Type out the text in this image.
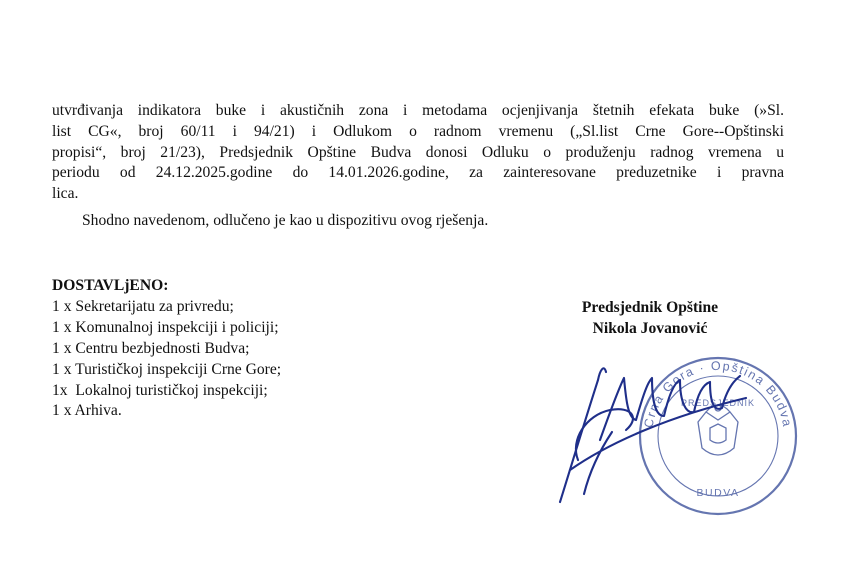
utvrđivanja indikatora buke i akustičnih zona i metodama ocjenjivanja štetnih efekata buke (»Sl.
list CG«, broj 60/11 i 94/21) i Odlukom o radnom vremenu („Sl.list Crne Gore--Opštinski
propisi“, broj 21/23), Predsjednik Opštine Budva donosi Odluku o produženju radnog vremena u
periodu od 24.12.2025.godine do 14.01.2026.godine, za zainteresovane preduzetnike i pravna
lica.

Shodno navedenom, odlučeno je kao u dispozitivu ovog rješenja.

DOSTAVLjENO:
1 x Sekretarijatu za privredu;
1 x Komunalnoj inspekciji i policiji;
1 x Centru bezbjednosti Budva;
1 x Turističkoj inspekciji Crne Gore;
1x  Lokalnoj turističkoj inspekciji;
1 x Arhiva.
Predsjednik Opštine
Nikola Jovanović
Crna Gora · Opština Budva
PREDSJEDNIK
BUDVA
